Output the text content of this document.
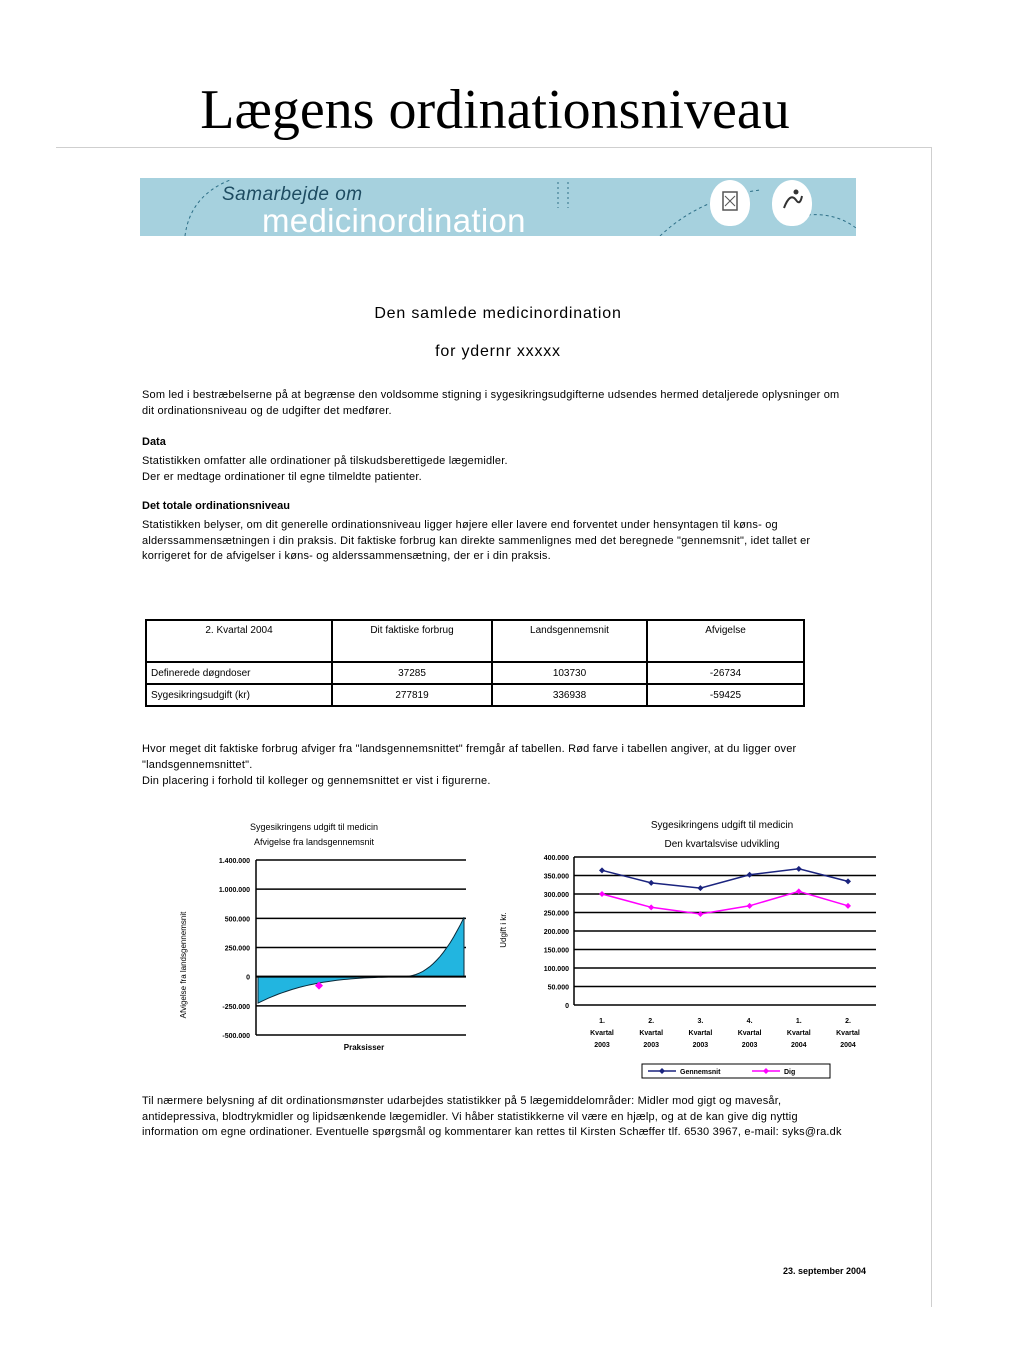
Lægens ordinationsniveau
Samarbejde om
medicinordination
Den samlede medicinordination
for ydernr xxxxx
Som led i bestræbelserne på at begrænse den voldsomme stigning i sygesikringsudgifterne udsendes hermed detaljerede oplysninger om dit ordinationsniveau og de udgifter det medfører.
Data
Statistikken omfatter alle ordinationer på tilskudsberettigede lægemidler.
Der er medtage ordinationer til egne tilmeldte patienter.
Det totale ordinationsniveau
Statistikken belyser, om dit generelle ordinationsniveau ligger højere eller lavere end forventet under hensyntagen til køns- og alderssammensætningen i din praksis. Dit faktiske forbrug kan direkte sammenlignes med det beregnede "gennemsnit", idet tallet er korrigeret for de afvigelser i køns- og alderssammensætning, der er i din praksis.
2. Kvartal 2004	Dit faktiske forbrug	Landsgennemsnit	Afvigelse
Definerede døgndoser	37285	103730	-26734
Sygesikringsudgift (kr)	277819	336938	-59425
Hvor meget dit faktiske forbrug afviger fra "landsgennemsnittet" fremgår af tabellen. Rød farve i tabellen angiver, at du ligger over "landsgennemsnittet".
Din placering i forhold til kolleger og gennemsnittet er vist i figurerne.
Sygesikringens udgift til medicin
Afvigelse fra landsgennemsnit
Afvigelse fra landsgennemsnit
Praksisser
1.400.000
1.000.000
500.000
250.000
0
-250.000
-500.000
Sygesikringens udgift til medicin
Den kvartalsvise udvikling
Udgift i kr.
400.000
350.000
300.000
250.000
200.000
150.000
100.000
50.000
0
1.
Kvartal
2003
2.
Kvartal
2003
3.
Kvartal
2003
4.
Kvartal
2003
1.
Kvartal
2004
2.
Kvartal
2004
Gennemsnit	Dig
Til nærmere belysning af dit ordinationsmønster udarbejdes statistikker på 5 lægemiddelområder: Midler mod gigt og mavesår, antidepressiva, blodtrykmidler og lipidsænkende lægemidler. Vi håber statistikkerne vil være en hjælp, og at de kan give dig nyttig information om egne ordinationer. Eventuelle spørgsmål og kommentarer kan rettes til Kirsten Schæffer tlf. 6530 3967, e-mail: syks@ra.dk
23. september 2004
